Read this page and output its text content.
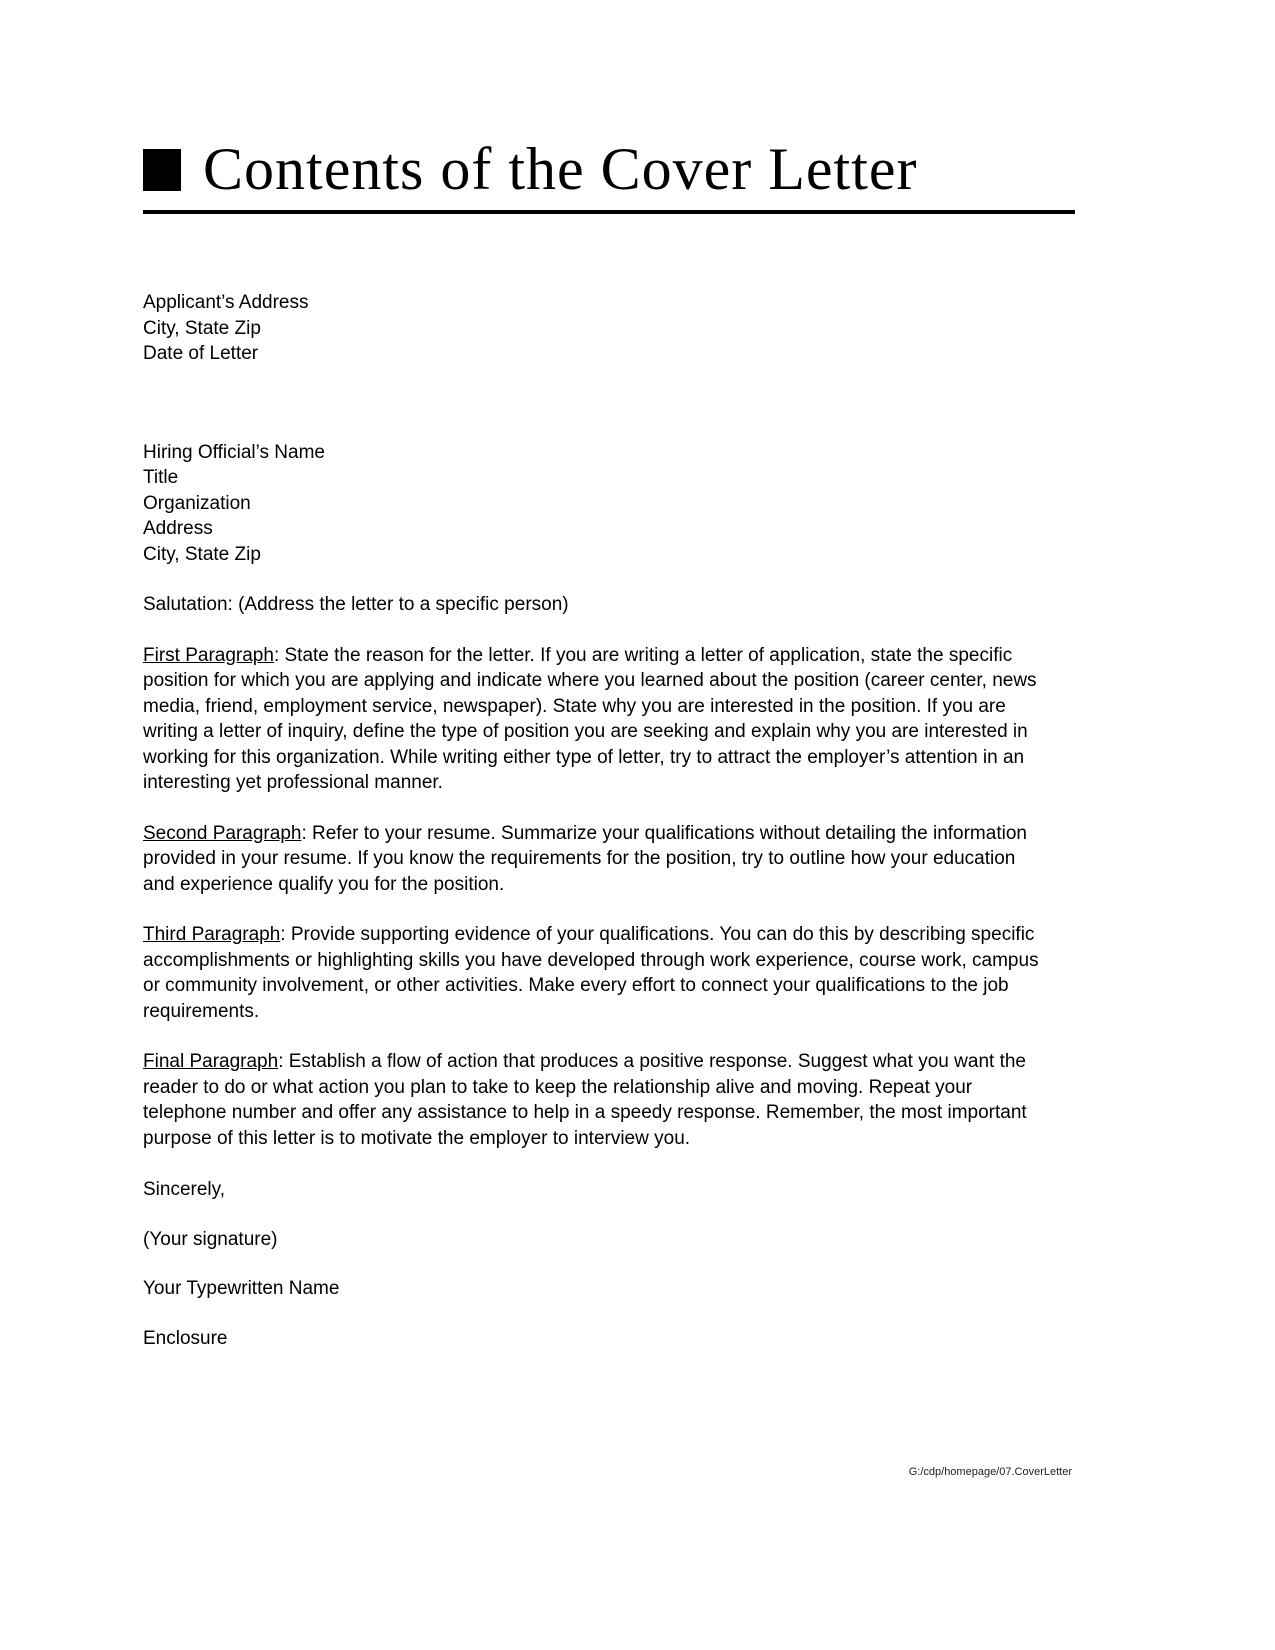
Contents of the Cover Letter
Applicant’s Address
City, State Zip
Date of Letter
Hiring Official’s Name
Title
Organization
Address
City, State Zip
Salutation: (Address the letter to a specific person)

First Paragraph: State the reason for the letter. If you are writing a letter of application, state the specific position for which you are applying and indicate where you learned about the position (career center, news media, friend, employment service, newspaper). State why you are interested in the position. If you are writing a letter of inquiry, define the type of position you are seeking and explain why you are interested in working for this organization. While writing either type of letter, try to attract the employer’s attention in an interesting yet professional manner.

Second Paragraph: Refer to your resume. Summarize your qualifications without detailing the information provided in your resume. If you know the requirements for the position, try to outline how your education and experience qualify you for the position.

Third Paragraph: Provide supporting evidence of your qualifications. You can do this by describing specific accomplishments or highlighting skills you have developed through work experience, course work, campus or community involvement, or other activities. Make every effort to connect your qualifications to the job requirements.

Final Paragraph: Establish a flow of action that produces a positive response. Suggest what you want the reader to do or what action you plan to take to keep the relationship alive and moving. Repeat your telephone number and offer any assistance to help in a speedy response. Remember, the most important purpose of this letter is to motivate the employer to interview you.

Sincerely,
(Your signature)
Your Typewritten Name
Enclosure
G:/cdp/homepage/07.CoverLetter
